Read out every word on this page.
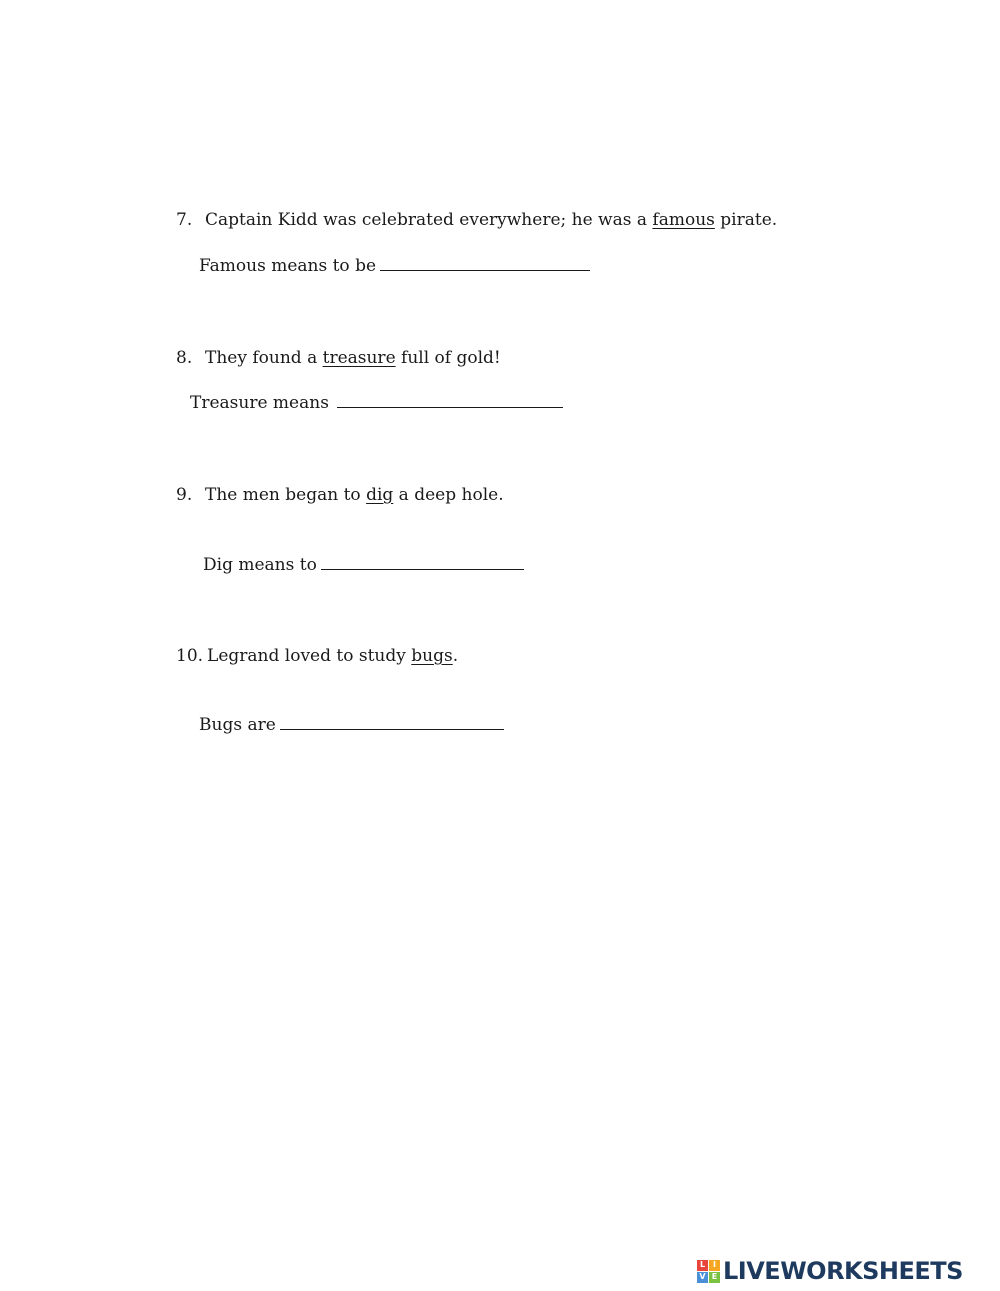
7. Captain Kidd was celebrated everywhere; he was a famous pirate.
Famous means to be
8. They found a treasure full of gold!
Treasure means
9. The men began to dig a deep hole.
Dig means to
10. Legrand loved to study bugs.
Bugs are
L I
V E LIVEWORKSHEETS
